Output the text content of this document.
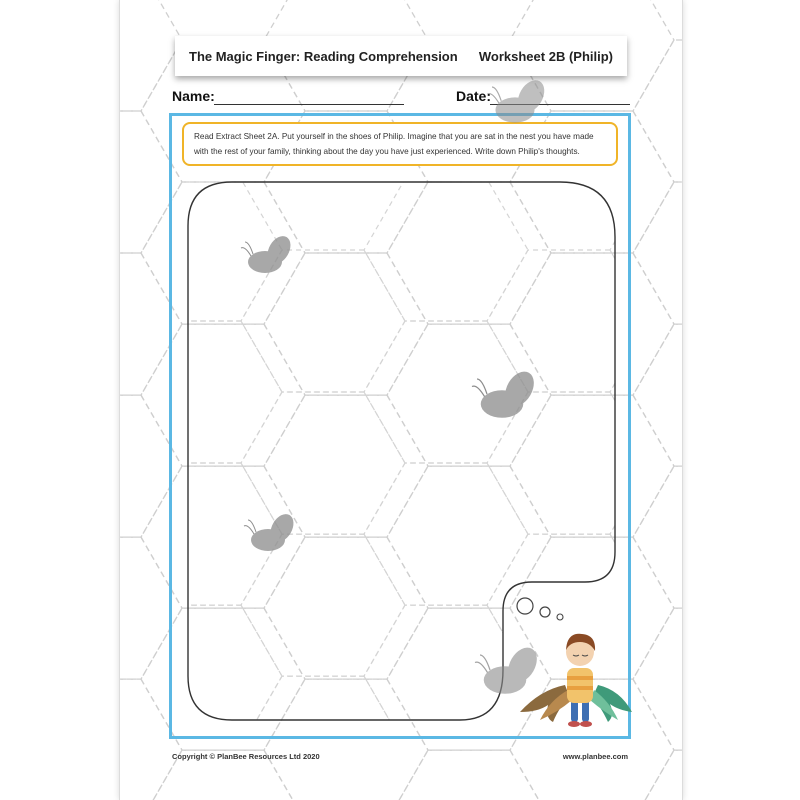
The Magic Finger: Reading Comprehension Worksheet 2B (Philip)
Name:	Date:
Read Extract Sheet 2A. Put yourself in the shoes of Philip. Imagine that you are sat in the nest you have made with the rest of your family, thinking about the day you have just experienced. Write down Philip's thoughts.
Copyright © PlanBee Resources Ltd 2020	www.planbee.com
